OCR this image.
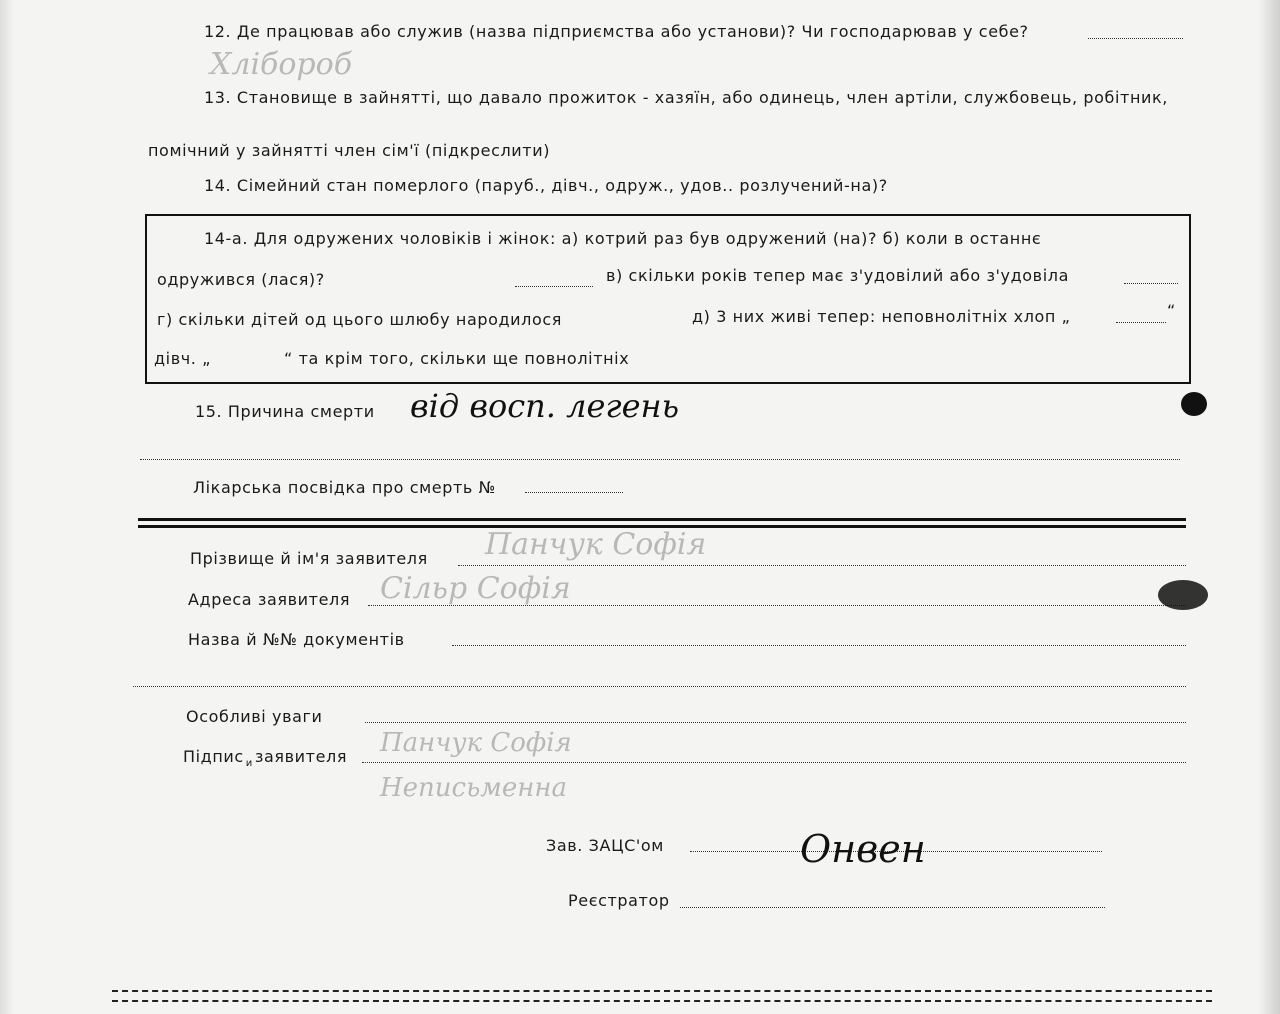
12. Де працював або служив (назва підприємства або установи)? Чи господарював у себе?
Хлібороб
13. Становище в зайнятті, що давало прожиток - хазяїн, або одинець, член артіли, службовець, робітник,
помічний у зайнятті член сім'ї (підкреслити)
14. Сімейний стан померлого (паруб., дівч., одруж., удов.. розлучений-на)?
14-а. Для одружених чоловіків і жінок: а) котрий раз був одружений (на)? б) коли в останнє
одружився (лася)?	в) скільки років тепер має з'удовілий або з'удовіла
г) скільки дітей од цього шлюбу народилося	д) 3 них живі тепер: неповнолітніх хлоп „	“
дівч. „	“ та крім того, скільки ще повнолітніх
15. Причина смерти від восп. легень
Лікарська посвідка про смерть №
Прізвище й ім'я заявителя Панчук Софія
Адреса заявителя Сільр Софія
Назва й №№ документів
Особливі уваги
Підпис $_и$ заявителя Панчук Софія
Неписьменна
Зав. ЗАЦС'ом	Онвен
Реєстратор
